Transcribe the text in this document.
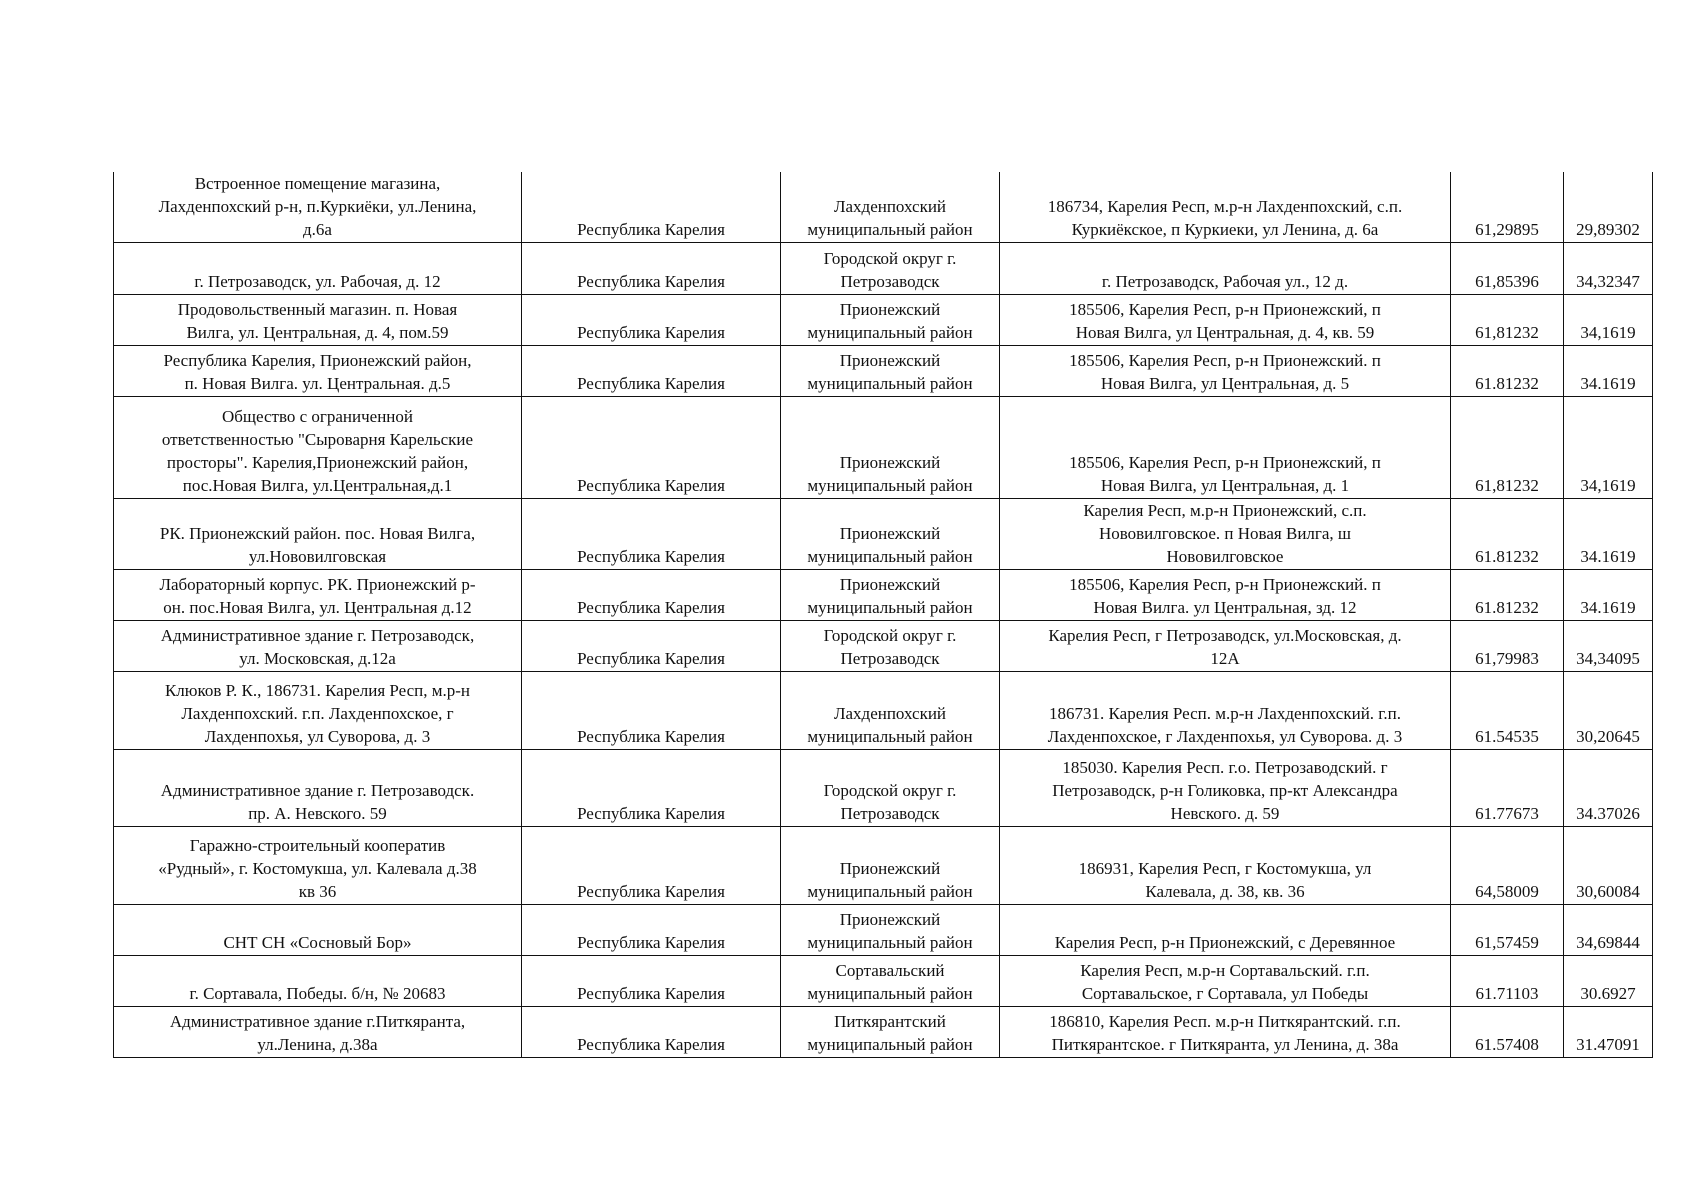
Встроенное помещение магазина,
Лахденпохский р-н, п.Куркиёки, ул.Ленина,
д.6а	Республика Карелия	Лахденпохский
муниципальный район	186734, Карелия Респ, м.р-н Лахденпохский, с.п.
Куркиёкское, п Куркиеки, ул Ленина, д. 6а	61,29895	29,89302

г. Петрозаводск, ул. Рабочая, д. 12	Республика Карелия	Городской округ г.
Петрозаводск	г. Петрозаводск, Рабочая ул., 12 д.	61,85396	34,32347

Продовольственный магазин. п. Новая
Вилга, ул. Центральная, д. 4, пом.59	Республика Карелия	Прионежский
муниципальный район	185506, Карелия Респ, р-н Прионежский, п
Новая Вилга, ул Центральная, д. 4, кв. 59	61,81232	34,1619

Республика Карелия, Прионежский район,
п. Новая Вилга. ул. Центральная. д.5	Республика Карелия	Прионежский
муниципальный район	185506, Карелия Респ, р-н Прионежский. п
Новая Вилга, ул Центральная, д. 5	61.81232	34.1619

Общество с ограниченной
ответственностью "Сыроварня Карельские
просторы". Карелия,Прионежский район,
пос.Новая Вилга, ул.Центральная,д.1	Республика Карелия	Прионежский
муниципальный район	185506, Карелия Респ, р-н Прионежский, п
Новая Вилга, ул Центральная, д. 1	61,81232	34,1619

РК. Прионежский район. пос. Новая Вилга,
ул.Нововилговская	Республика Карелия	Прионежский
муниципальный район	Карелия Респ, м.р-н Прионежский, с.п.
Нововилговское. п Новая Вилга, ш
Нововилговское	61.81232	34.1619

Лабораторный корпус. РК. Прионежский р-
он. пос.Новая Вилга, ул. Центральная д.12	Республика Карелия	Прионежский
муниципальный район	185506, Карелия Респ, р-н Прионежский. п
Новая Вилга. ул Центральная, зд. 12	61.81232	34.1619

Административное здание г. Петрозаводск,
ул. Московская, д.12а	Республика Карелия	Городской округ г.
Петрозаводск	Карелия Респ, г Петрозаводск, ул.Московская, д.
12А	61,79983	34,34095

Клюков Р. К., 186731. Карелия Респ, м.р-н
Лахденпохский. г.п. Лахденпохское, г
Лахденпохья, ул Суворова, д. 3	Республика Карелия	Лахденпохский
муниципальный район	186731. Карелия Респ. м.р-н Лахденпохский. г.п.
Лахденпохское, г Лахденпохья, ул Суворова. д. 3	61.54535	30,20645

Административное здание г. Петрозаводск.
пр. А. Невского. 59	Республика Карелия	Городской округ г.
Петрозаводск	185030. Карелия Респ. г.о. Петрозаводский. г
Петрозаводск, р-н Голиковка, пр-кт Александра
Невского. д. 59	61.77673	34.37026

Гаражно-строительный кооператив
«Рудный», г. Костомукша, ул. Калевала д.38
кв 36	Республика Карелия	Прионежский
муниципальный район	186931, Карелия Респ, г Костомукша, ул
Калевала, д. 38, кв. 36	64,58009	30,60084

СНТ СН «Сосновый Бор»	Республика Карелия	Прионежский
муниципальный район	Карелия Респ, р-н Прионежский, с Деревянное	61,57459	34,69844

г. Сортавала, Победы. б/н, № 20683	Республика Карелия	Сортавальский
муниципальный район	Карелия Респ, м.р-н Сортавальский. г.п.
Сортавальское, г Сортавала, ул Победы	61.71103	30.6927

Административное здание г.Питкяранта,
ул.Ленина, д.38а	Республика Карелия	Питкярантский
муниципальный район	186810, Карелия Респ. м.р-н Питкярантский. г.п.
Питкярантское. г Питкяранта, ул Ленина, д. 38а	61.57408	31.47091
